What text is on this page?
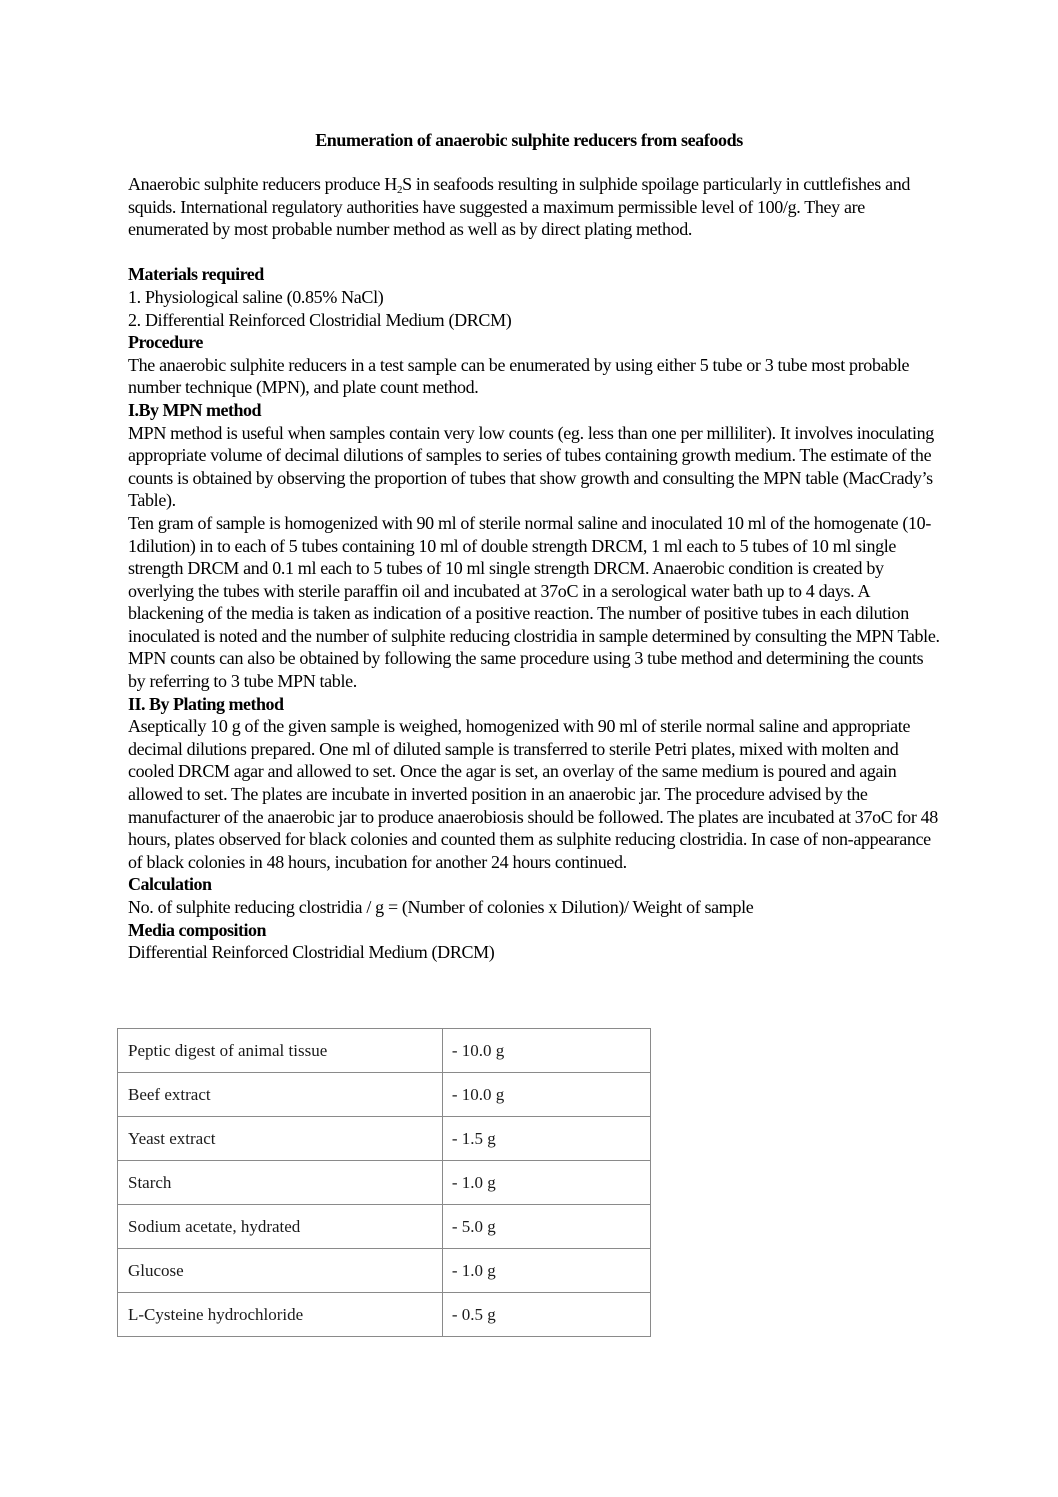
Enumeration of anaerobic sulphite reducers from seafoods

Anaerobic sulphite reducers produce $H_2S$ in seafoods resulting in sulphide spoilage particularly in cuttlefishes and squids. International regulatory authorities have suggested a maximum permissible level of 100/g. They are enumerated by most probable number method as well as by direct plating method.

Materials required

1. Physiological saline (0.85% NaCl)

2. Differential Reinforced Clostridial Medium (DRCM)

Procedure

The anaerobic sulphite reducers in a test sample can be enumerated by using either 5 tube or 3 tube most probable number technique (MPN), and plate count method.

I.By MPN method

MPN method is useful when samples contain very low counts (eg. less than one per milliliter). It involves inoculating appropriate volume of decimal dilutions of samples to series of tubes containing growth medium. The estimate of the counts is obtained by observing the proportion of tubes that show growth and consulting the MPN table (MacCrady’s Table).

Ten gram of sample is homogenized with 90 ml of sterile normal saline and inoculated 10 ml of the homogenate (10-1dilution) in to each of 5 tubes containing 10 ml of double strength DRCM, 1 ml each to 5 tubes of 10 ml single strength DRCM and 0.1 ml each to 5 tubes of 10 ml single strength DRCM. Anaerobic condition is created by overlying the tubes with sterile paraffin oil and incubated at 37oC in a serological water bath up to 4 days. A blackening of the media is taken as indication of a positive reaction. The number of positive tubes in each dilution inoculated is noted and the number of sulphite reducing clostridia in sample determined by consulting the MPN Table.

MPN counts can also be obtained by following the same procedure using 3 tube method and determining the counts by referring to 3 tube MPN table.

II. By Plating method

Aseptically 10 g of the given sample is weighed, homogenized with 90 ml of sterile normal saline and appropriate decimal dilutions prepared. One ml of diluted sample is transferred to sterile Petri plates, mixed with molten and cooled DRCM agar and allowed to set. Once the agar is set, an overlay of the same medium is poured and again allowed to set. The plates are incubate in inverted position in an anaerobic jar. The procedure advised by the manufacturer of the anaerobic jar to produce anaerobiosis should be followed. The plates are incubated at 37oC for 48 hours, plates observed for black colonies and counted them as sulphite reducing clostridia. In case of non-appearance of black colonies in 48 hours, incubation for another 24 hours continued.

Calculation

No. of sulphite reducing clostridia / g = (Number of colonies x Dilution)/ Weight of sample

Media composition

Differential Reinforced Clostridial Medium (DRCM)

Peptic digest of animal tissue	- 10.0 g
Beef extract	- 10.0 g
Yeast extract	- 1.5 g
Starch	- 1.0 g
Sodium acetate, hydrated	- 5.0 g
Glucose	- 1.0 g
L-Cysteine hydrochloride	- 0.5 g
